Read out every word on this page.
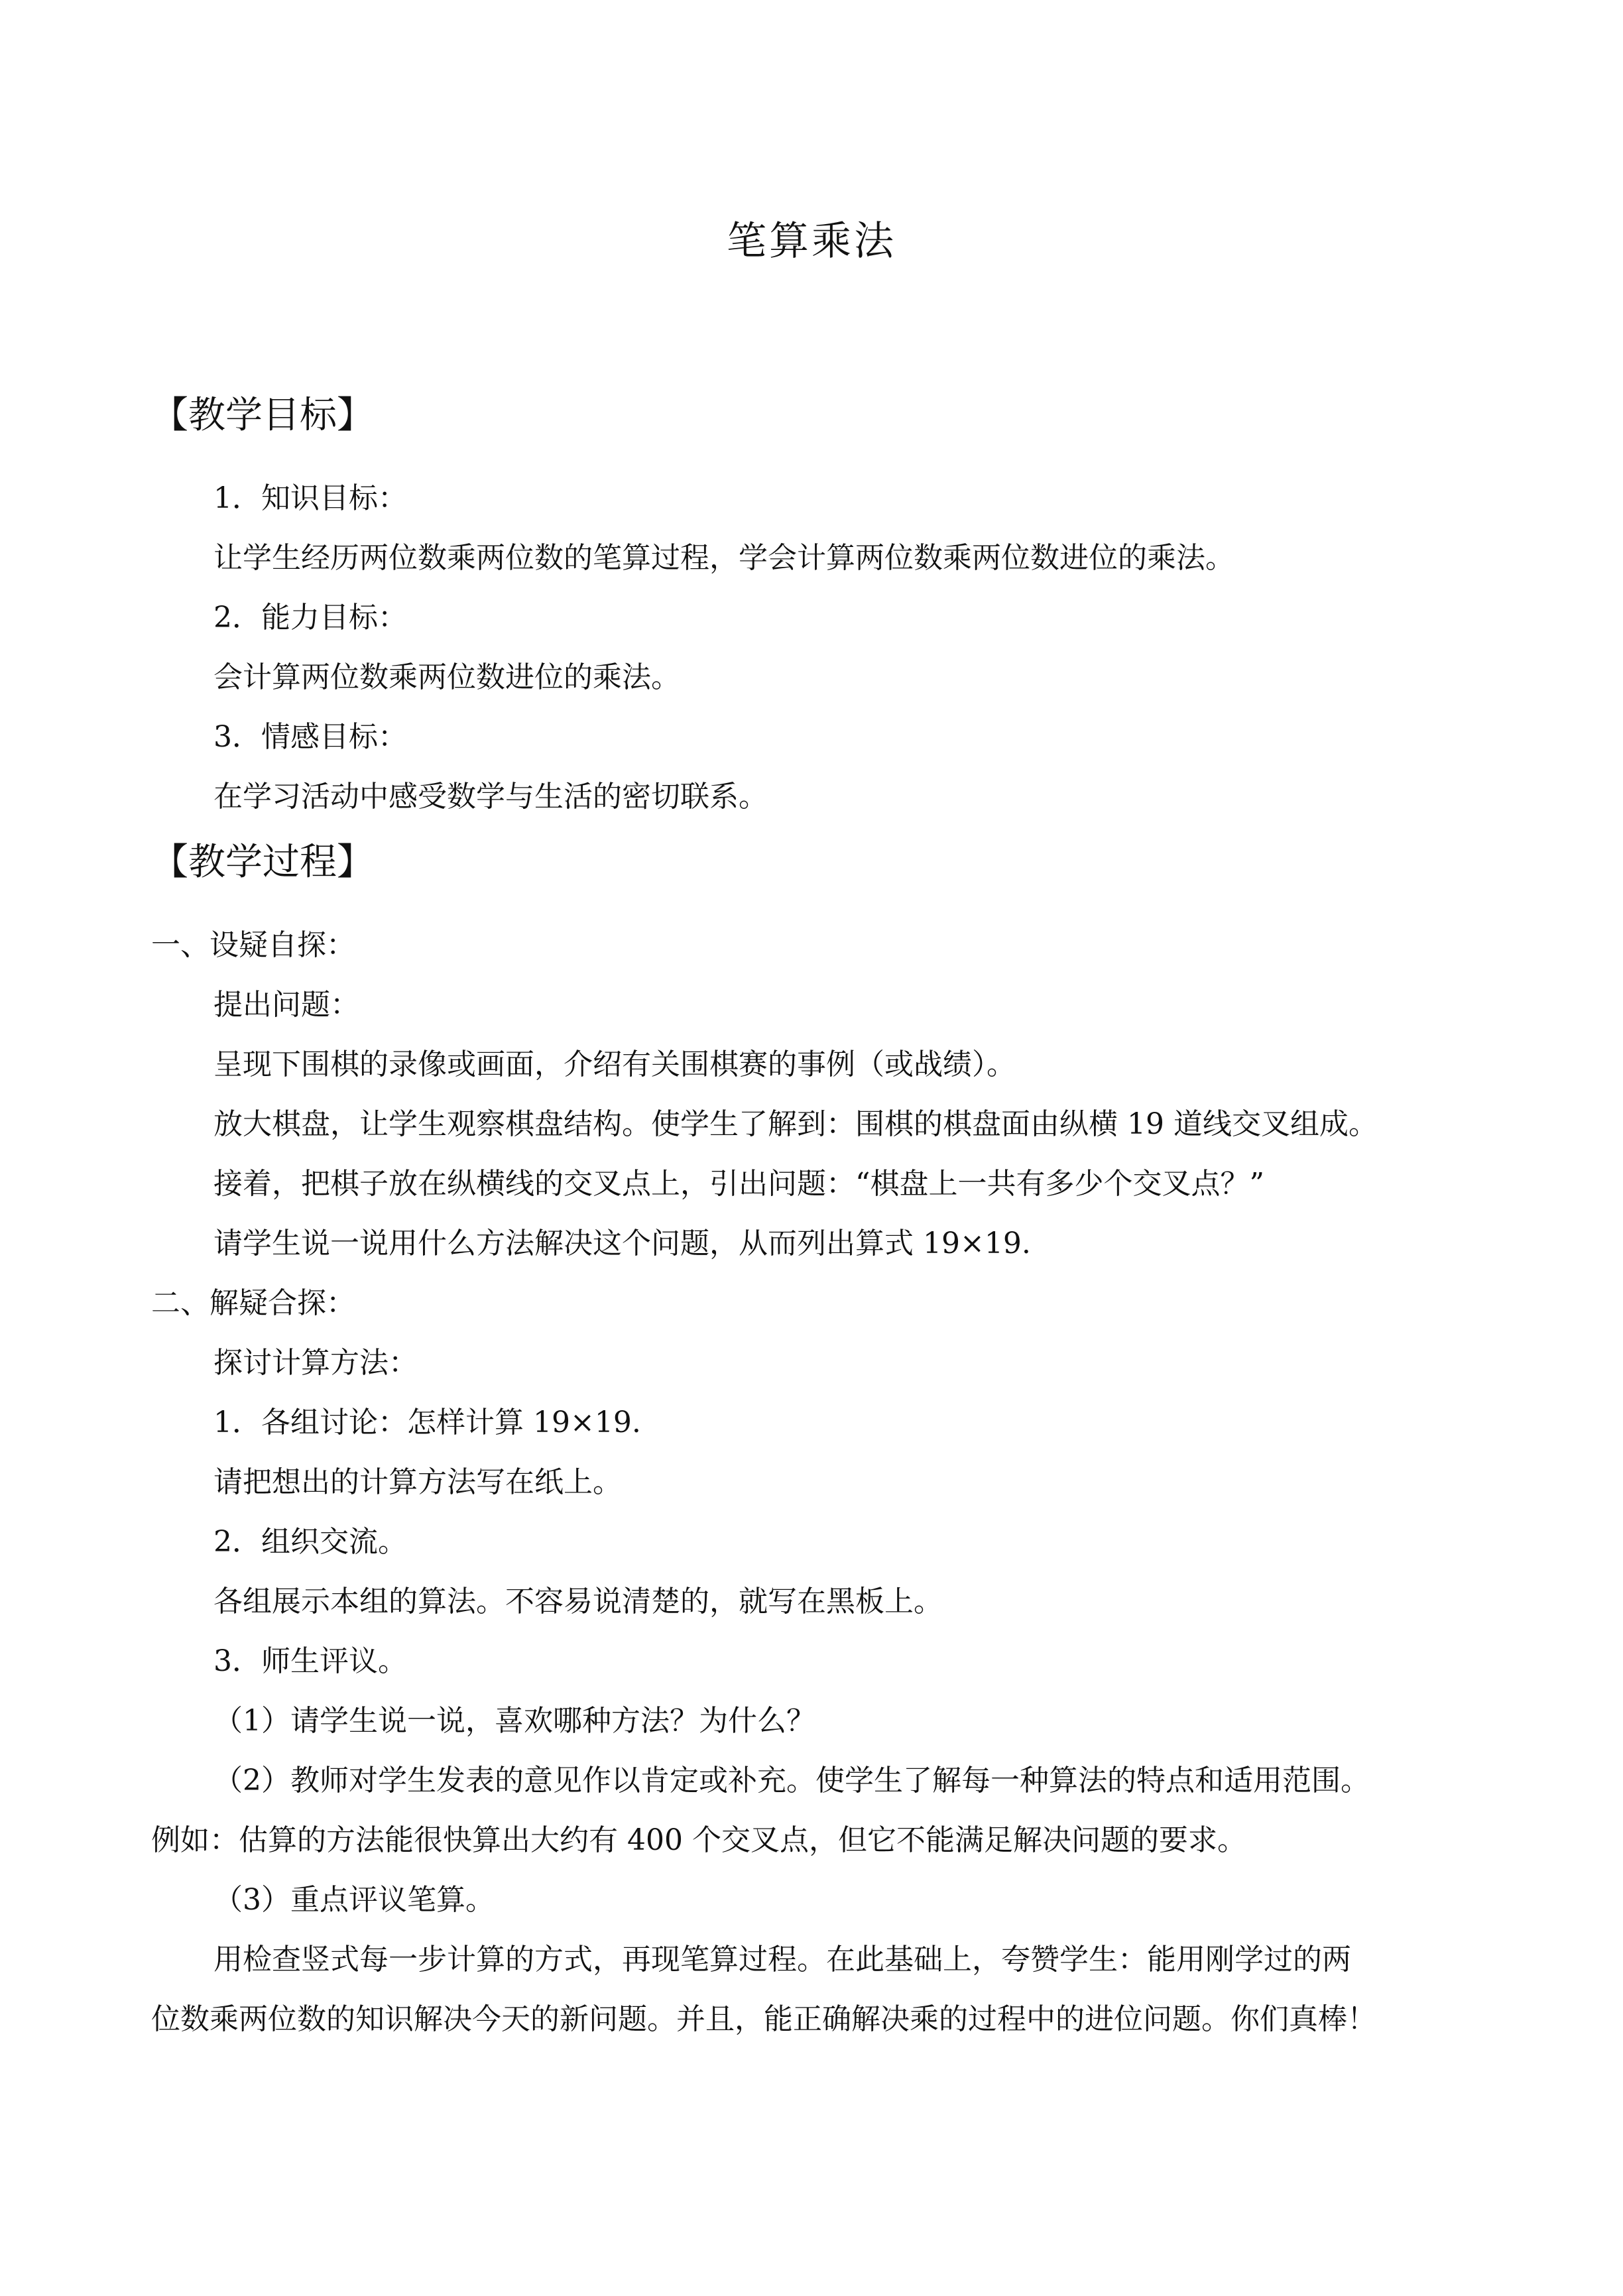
笔算乘法
【教学目标】
1．知识目标：
让学生经历两位数乘两位数的笔算过程，学会计算两位数乘两位数进位的乘法。
2．能力目标：
会计算两位数乘两位数进位的乘法。
3．情感目标：
在学习活动中感受数学与生活的密切联系。
【教学过程】
一、设疑自探：
提出问题：
呈现下围棋的录像或画面，介绍有关围棋赛的事例（或战绩）。
放大棋盘，让学生观察棋盘结构。使学生了解到：围棋的棋盘面由纵横 19 道线交叉组成。
接着，把棋子放在纵横线的交叉点上，引出问题：“棋盘上一共有多少个交叉点？”
请学生说一说用什么方法解决这个问题，从而列出算式 19×19.
二、解疑合探：
探讨计算方法：
1．各组讨论：怎样计算 19×19.
请把想出的计算方法写在纸上。
2．组织交流。
各组展示本组的算法。不容易说清楚的，就写在黑板上。
3．师生评议。
（1）请学生说一说，喜欢哪种方法？为什么？
（2）教师对学生发表的意见作以肯定或补充。使学生了解每一种算法的特点和适用范围。
例如：估算的方法能很快算出大约有 400 个交叉点，但它不能满足解决问题的要求。
（3）重点评议笔算。
用检查竖式每一步计算的方式，再现笔算过程。在此基础上，夸赞学生：能用刚学过的两
位数乘两位数的知识解决今天的新问题。并且，能正确解决乘的过程中的进位问题。你们真棒！
